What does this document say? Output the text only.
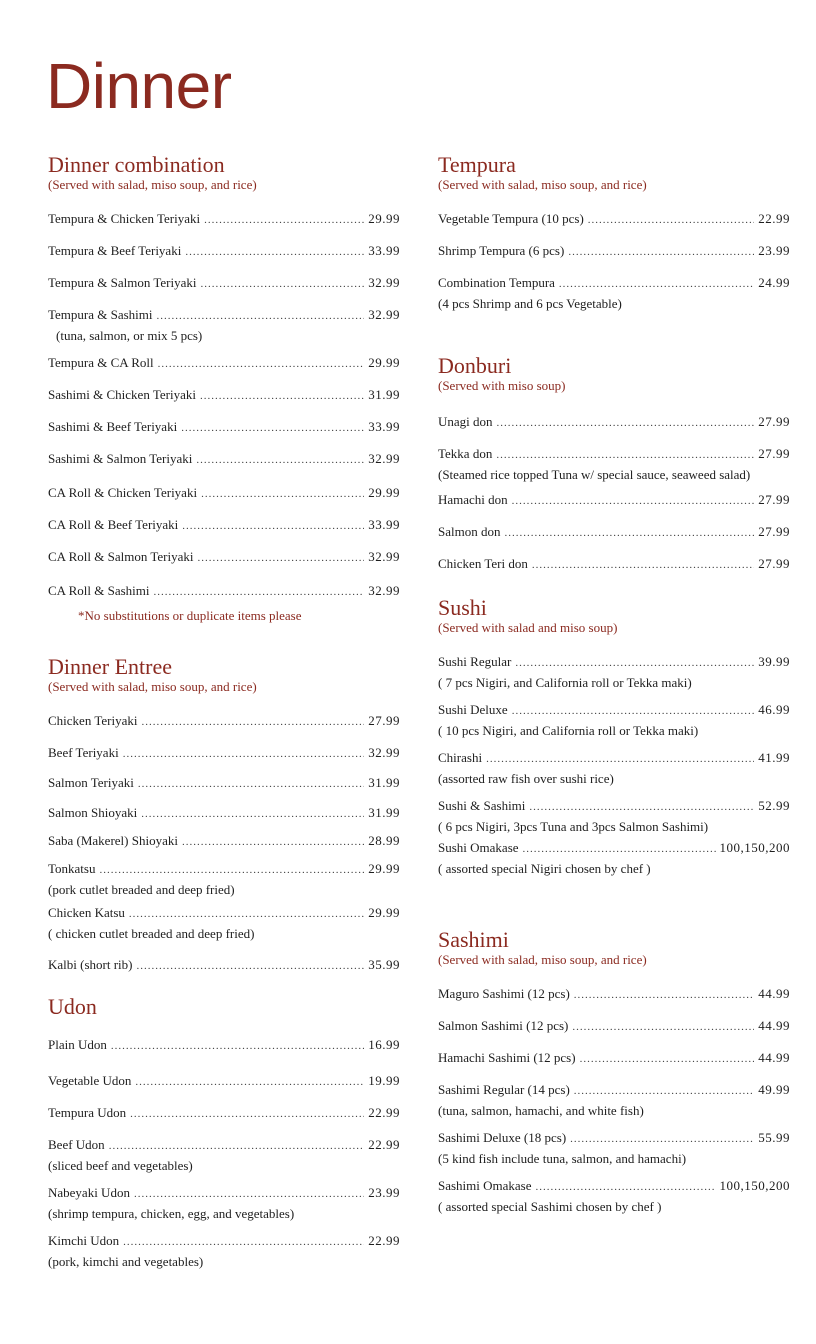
Dinner
Dinner combination
(Served with salad, miso soup, and rice)
Tempura & Chicken Teriyaki .....	29.99
Tempura & Beef Teriyaki .....	33.99
Tempura & Salmon Teriyaki .....	32.99
Tempura & Sashimi .....	32.99
(tuna, salmon, or mix 5 pcs)
Tempura & CA Roll .....	29.99
Sashimi & Chicken Teriyaki .....	31.99
Sashimi & Beef Teriyaki .....	33.99
Sashimi & Salmon Teriyaki .....	32.99
CA Roll & Chicken Teriyaki .....	29.99
CA Roll & Beef Teriyaki .....	33.99
CA Roll & Salmon Teriyaki .....	32.99
CA Roll & Sashimi .....	32.99
Dinner Entree
(Served with salad, miso soup, and rice)
Chicken Teriyaki .....	27.99
Beef Teriyaki .....	32.99
Salmon Teriyaki .....	31.99
Salmon Shioyaki .....	31.99
Saba (Makerel) Shioyaki .....	28.99
Tonkatsu .....	29.99
(pork cutlet breaded and deep fried)
Chicken Katsu .....	29.99
( chicken cutlet breaded and deep fried)
Kalbi (short rib) .....	35.99
Udon
Plain Udon .....	16.99
Vegetable Udon .....	19.99
Tempura Udon .....	22.99
Beef Udon .....	22.99
(sliced beef and vegetables)
Nabeyaki Udon .....	23.99
(shrimp tempura, chicken, egg, and vegetables)
Kimchi Udon .....	22.99
(pork, kimchi and vegetables)
Tempura
(Served with salad, miso soup, and rice)
Vegetable Tempura (10 pcs) .....	22.99
Shrimp Tempura (6 pcs) .....	23.99
Combination Tempura .....	24.99
(4 pcs Shrimp and 6 pcs Vegetable)
Donburi
(Served with miso soup)
Unagi don .....	27.99
Tekka don .....	27.99
(Steamed rice topped Tuna w/ special sauce, seaweed salad)
Hamachi don .....	27.99
Salmon don .....	27.99
Chicken Teri don .....	27.99
Sushi
(Served with salad and miso soup)
Sushi Regular .....	39.99
( 7 pcs Nigiri, and California roll or Tekka maki)
Sushi Deluxe .....	46.99
( 10 pcs Nigiri, and California roll or Tekka maki)
Chirashi .....	41.99
(assorted raw fish over sushi rice)
Sushi & Sashimi .....	52.99
( 6 pcs Nigiri, 3pcs Tuna and 3pcs Salmon Sashimi)
Sushi Omakase .....	100,150,200
( assorted special Nigiri chosen by chef )
Sashimi
(Served with salad, miso soup, and rice)
Maguro Sashimi (12 pcs) .....	44.99
Salmon Sashimi (12 pcs) .....	44.99
Hamachi Sashimi (12 pcs) .....	44.99
Sashimi Regular (14 pcs) .....	49.99
(tuna, salmon, hamachi, and white fish)
Sashimi Deluxe (18 pcs) .....	55.99
(5 kind fish include tuna, salmon, and hamachi)
Sashimi Omakase .....	100,150,200
( assorted special Sashimi chosen by chef )
*No substitutions or duplicate items please
